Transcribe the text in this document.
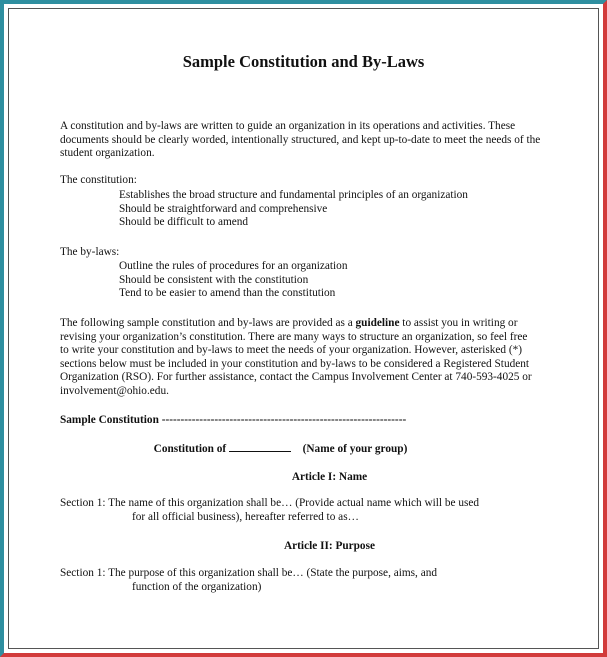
Sample Constitution and By-Laws
A constitution and by-laws are written to guide an organization in its operations and activities. These
documents should be clearly worded, intentionally structured, and kept up-to-date to meet the needs of the
student organization.
The constitution:
Establishes the broad structure and fundamental principles of an organization
Should be straightforward and comprehensive
Should be difficult to amend
The by-laws:
Outline the rules of procedures for an organization
Should be consistent with the constitution
Tend to be easier to amend than the constitution
The following sample constitution and by-laws are provided as a guideline to assist you in writing or
revising your organization’s constitution. There are many ways to structure an organization, so feel free
to write your constitution and by-laws to meet the needs of your organization. However, asterisked (*)
sections below must be included in your constitution and by-laws to be considered a Registered Student
Organization (RSO). For further assistance, contact the Campus Involvement Center at 740-593-4025 or
involvement@ohio.edu.
Sample Constitution -----------------------------------------------------------------
Constitution of	(Name of your group)
Article I: Name
Section 1: The name of this organization shall be… (Provide actual name which will be used
for all official business), hereafter referred to as…
Article II: Purpose
Section 1: The purpose of this organization shall be… (State the purpose, aims, and
function of the organization)
